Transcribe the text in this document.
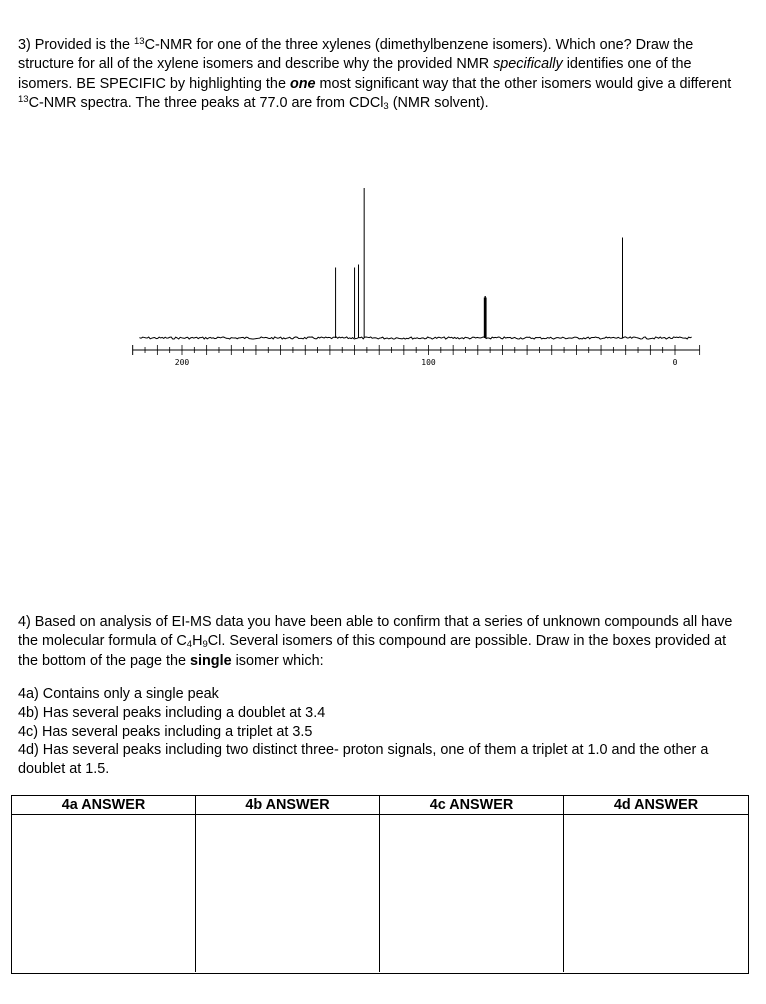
3) Provided is the $^{13}$C-NMR for one of the three xylenes (dimethylbenzene isomers). Which one? Draw the structure for all of the xylene isomers and describe why the provided NMR specifically identifies one of the isomers. BE SPECIFIC by highlighting the one most significant way that the other isomers would give a different $^{13}$C-NMR spectra. The three peaks at 77.0 are from CDCl$_3$ (NMR solvent).
200	100	0
4) Based on analysis of EI-MS data you have been able to confirm that a series of unknown compounds all have the molecular formula of $C_4H_9Cl$. Several isomers of this compound are possible. Draw in the boxes provided at the bottom of the page the single isomer which:
4a) Contains only a single peak
4b) Has several peaks including a doublet at 3.4
4c) Has several peaks including a triplet at 3.5
4d) Has several peaks including two distinct three- proton signals, one of them a triplet at 1.0 and the other a doublet at 1.5.
4a ANSWER	4b ANSWER	4c ANSWER	4d ANSWER
